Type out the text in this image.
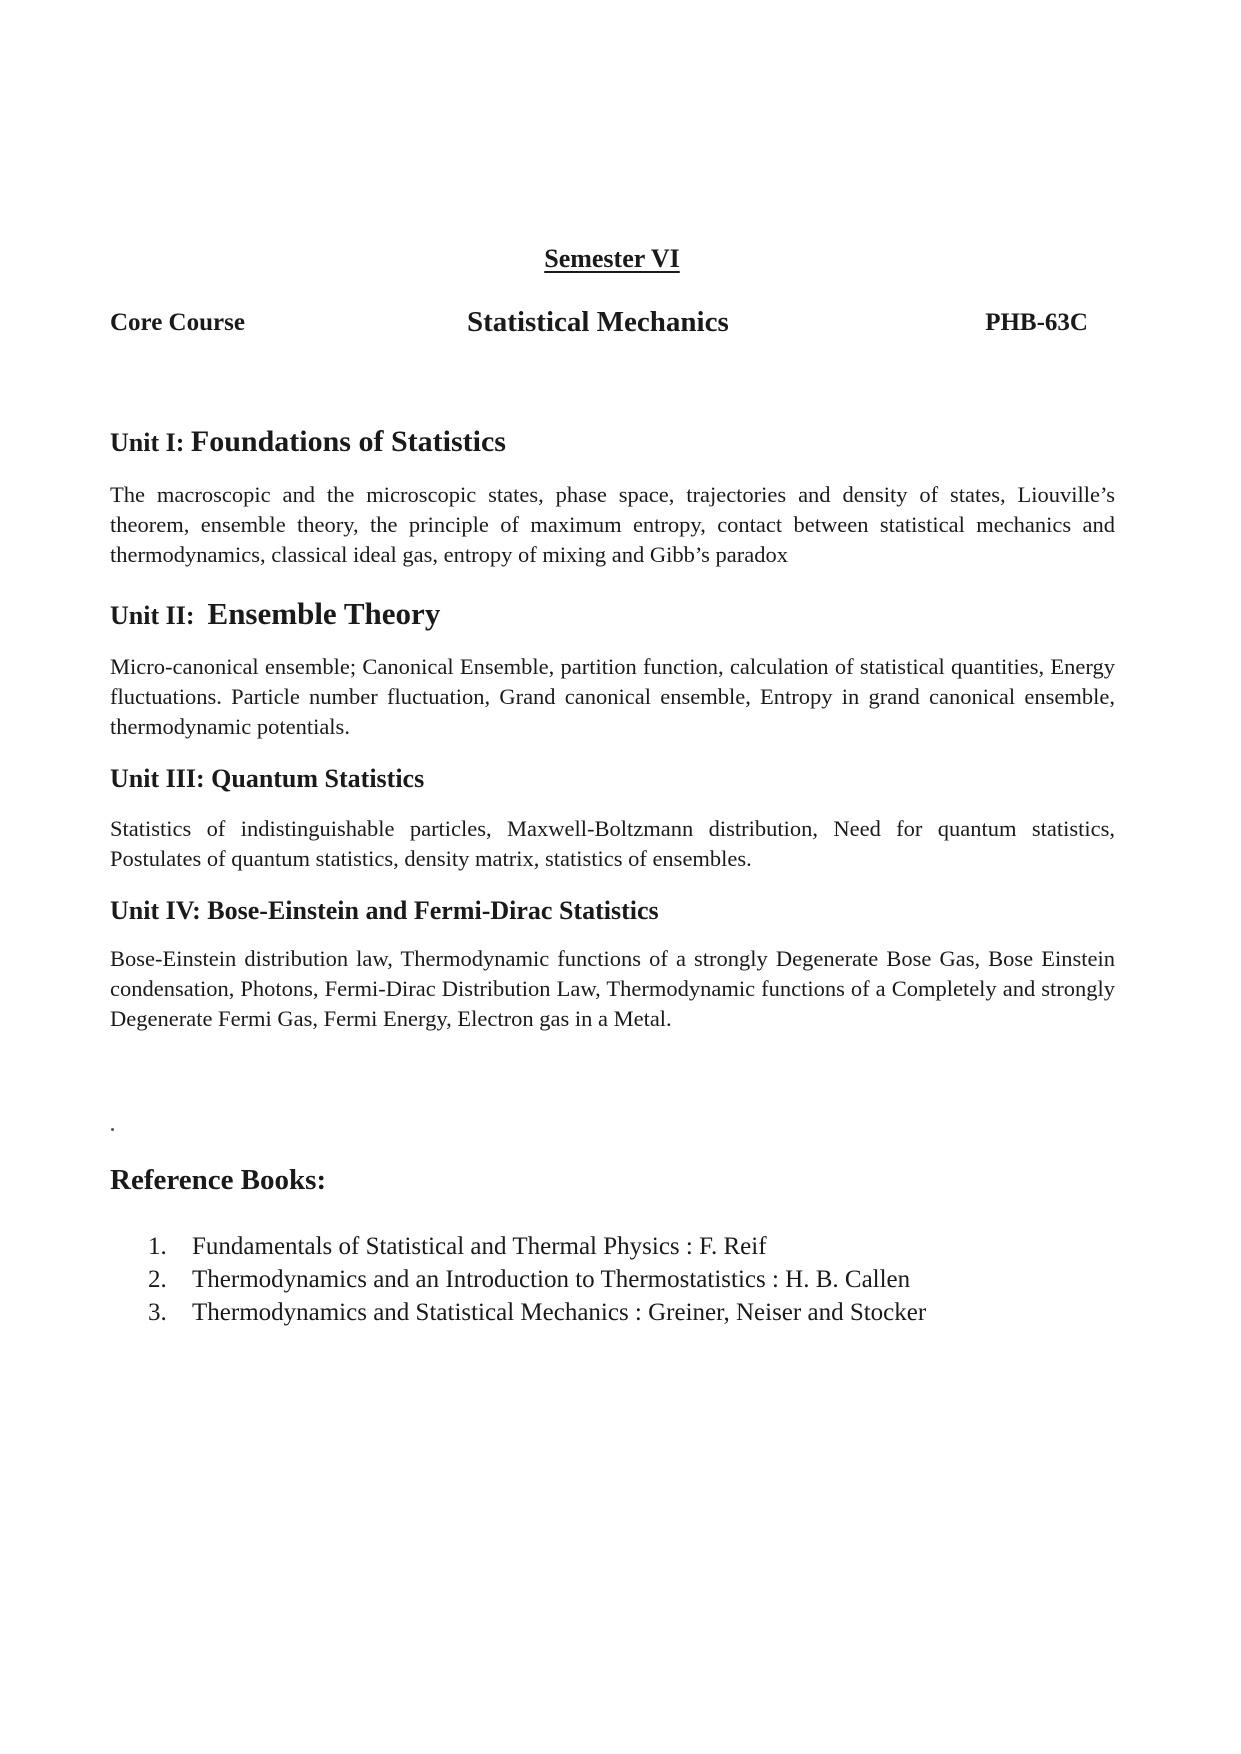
Semester VI
Core Course	Statistical Mechanics	PHB-63C
Unit I: Foundations of Statistics

The macroscopic and the microscopic states, phase space, trajectories and density of states, Liouville’s theorem, ensemble theory, the principle of maximum entropy, contact between statistical mechanics and thermodynamics, classical ideal gas, entropy of mixing and Gibb’s paradox

Unit II:  Ensemble Theory

Micro-canonical ensemble; Canonical Ensemble, partition function, calculation of statistical quantities, Energy fluctuations. Particle number fluctuation, Grand canonical ensemble, Entropy in grand canonical ensemble, thermodynamic potentials.

Unit III: Quantum Statistics

Statistics of indistinguishable particles, Maxwell-Boltzmann distribution, Need for quantum statistics, Postulates of quantum statistics, density matrix, statistics of ensembles.

Unit IV: Bose-Einstein and Fermi-Dirac Statistics

Bose-Einstein distribution law, Thermodynamic functions of a strongly Degenerate Bose Gas, Bose Einstein condensation, Photons, Fermi-Dirac Distribution Law, Thermodynamic functions of a Completely and strongly Degenerate Fermi Gas, Fermi Energy, Electron gas in a Metal.

Reference Books:
1.	Fundamentals of Statistical and Thermal Physics : F. Reif
2.	Thermodynamics and an Introduction to Thermostatistics : H. B. Callen
3.	Thermodynamics and Statistical Mechanics : Greiner, Neiser and Stocker
